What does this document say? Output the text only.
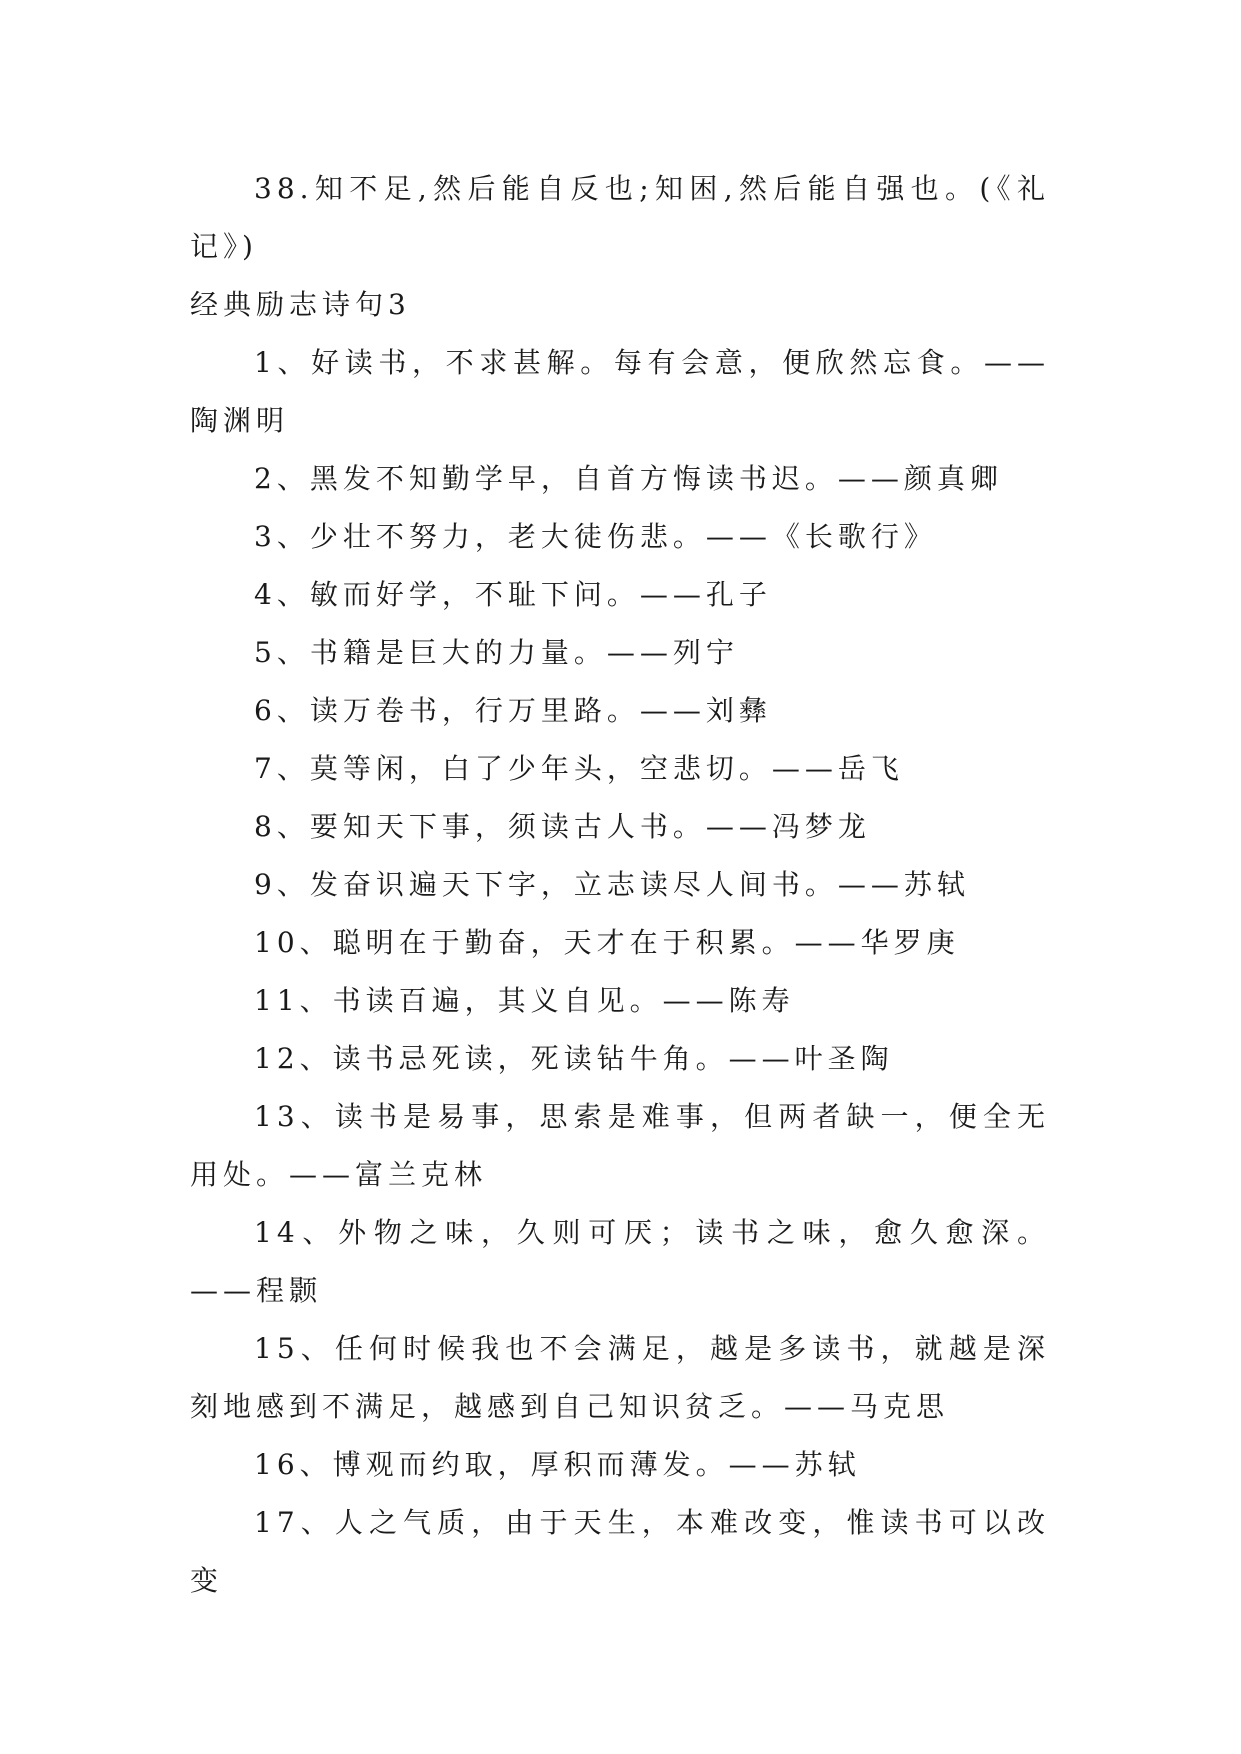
38.知不足,然后能自反也;知困,然后能自强也。(《礼记》)

经典励志诗句3

1、好读书，不求甚解。每有会意，便欣然忘食。——陶渊明

2、黑发不知勤学早，自首方悔读书迟。——颜真卿

3、少壮不努力，老大徒伤悲。——《长歌行》

4、敏而好学，不耻下问。——孔子

5、书籍是巨大的力量。——列宁

6、读万卷书，行万里路。——刘彝

7、莫等闲，白了少年头，空悲切。——岳飞

8、要知天下事，须读古人书。——冯梦龙

9、发奋识遍天下字，立志读尽人间书。——苏轼

10、聪明在于勤奋，天才在于积累。——华罗庚

11、书读百遍，其义自见。——陈寿

12、读书忌死读，死读钻牛角。——叶圣陶

13、读书是易事，思索是难事，但两者缺一，便全无用处。——富兰克林

14、外物之味，久则可厌；读书之味，愈久愈深。——程颢

15、任何时候我也不会满足，越是多读书，就越是深刻地感到不满足，越感到自己知识贫乏。——马克思

16、博观而约取，厚积而薄发。——苏轼

17、人之气质，由于天生，本难改变，惟读书可以改变
